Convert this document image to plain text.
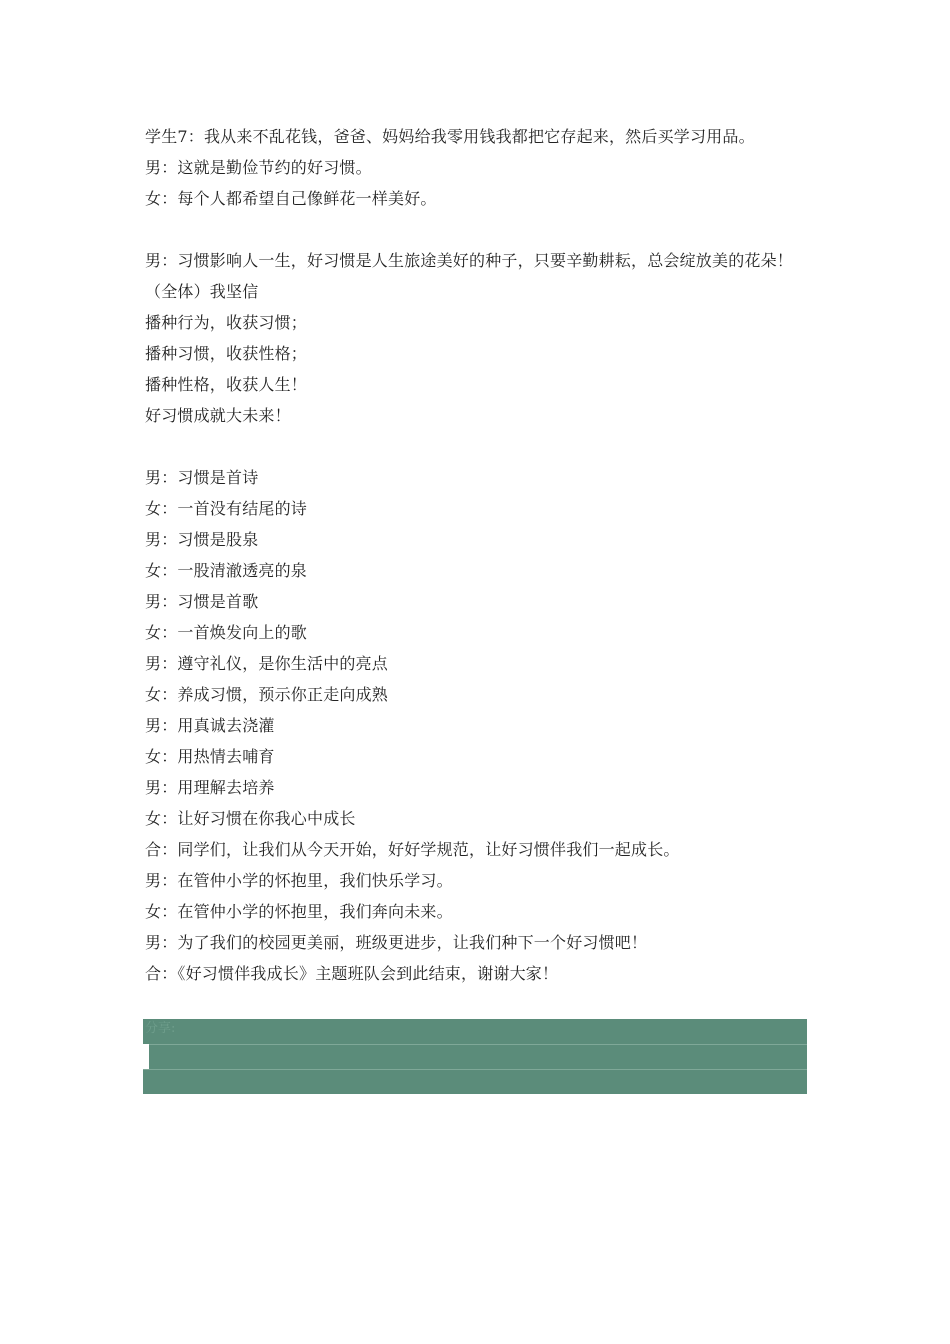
学生7：我从来不乱花钱，爸爸、妈妈给我零用钱我都把它存起来，然后买学习用品。
男：这就是勤俭节约的好习惯。
女：每个人都希望自己像鲜花一样美好。
男：习惯影响人一生，好习惯是人生旅途美好的种子，只要辛勤耕耘，总会绽放美的花朵！
（全体）我坚信
播种行为，收获习惯；
播种习惯，收获性格；
播种性格，收获人生！
好习惯成就大未来！
男：习惯是首诗
女：一首没有结尾的诗
男：习惯是股泉
女：一股清澈透亮的泉
男：习惯是首歌
女：一首焕发向上的歌
男：遵守礼仪，是你生活中的亮点
女：养成习惯，预示你正走向成熟
男：用真诚去浇灌
女：用热情去哺育
男：用理解去培养
女：让好习惯在你我心中成长
合：同学们，让我们从今天开始，好好学规范，让好习惯伴我们一起成长。
男：在管仲小学的怀抱里，我们快乐学习。
女：在管仲小学的怀抱里，我们奔向未来。
男：为了我们的校园更美丽，班级更进步，让我们种下一个好习惯吧！
合：《好习惯伴我成长》主题班队会到此结束，谢谢大家！
分享:
